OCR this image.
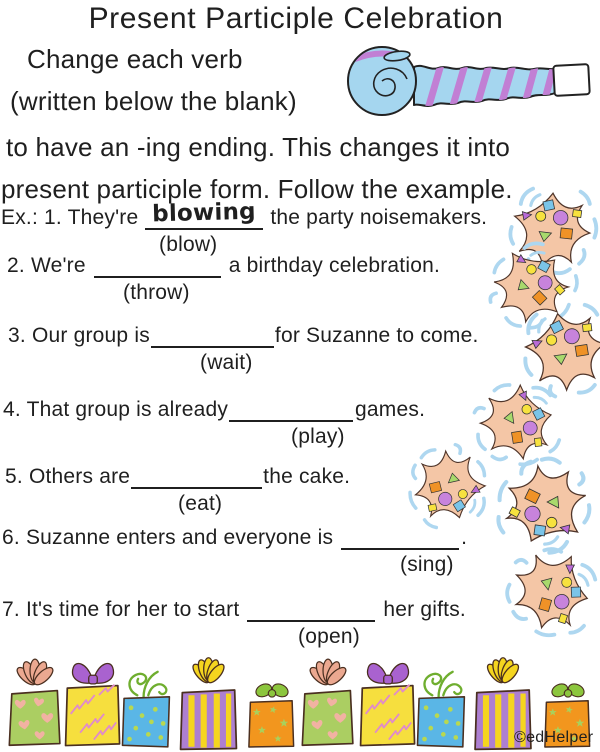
Present Participle Celebration
Change each verb
(written below the blank)
to have an -ing ending. This changes it into
present participle form. Follow the example.
Ex.: 1. They're blowing the party noisemakers.
(blow)
2. We're	a birthday celebration.
(throw)
3. Our group is	for Suzanne to come.
(wait)
4. That group is already	games.
(play)
5. Others are	the cake.
(eat)
6. Suzanne enters and everyone is	.
(sing)
7. It's time for her to start	her gifts.
(open)
©edHelper
